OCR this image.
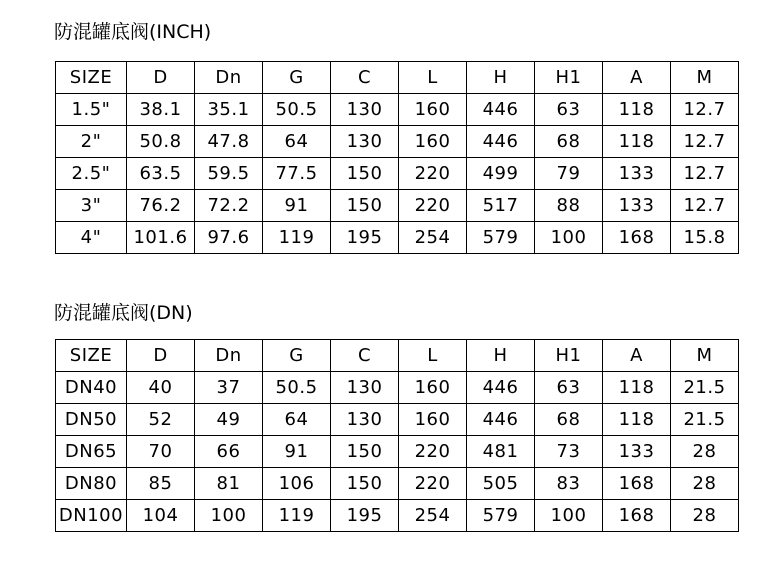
防混罐底阀(INCH)
SIZE	D	Dn	G	C	L	H	H1	A	M
1.5"	38.1	35.1	50.5	130	160	446	63	118	12.7
2"	50.8	47.8	64	130	160	446	68	118	12.7
2.5"	63.5	59.5	77.5	150	220	499	79	133	12.7
3"	76.2	72.2	91	150	220	517	88	133	12.7
4"	101.6	97.6	119	195	254	579	100	168	15.8
防混罐底阀(DN)
SIZE	D	Dn	G	C	L	H	H1	A	M
DN40	40	37	50.5	130	160	446	63	118	21.5
DN50	52	49	64	130	160	446	68	118	21.5
DN65	70	66	91	150	220	481	73	133	28
DN80	85	81	106	150	220	505	83	168	28
DN100	104	100	119	195	254	579	100	168	28
